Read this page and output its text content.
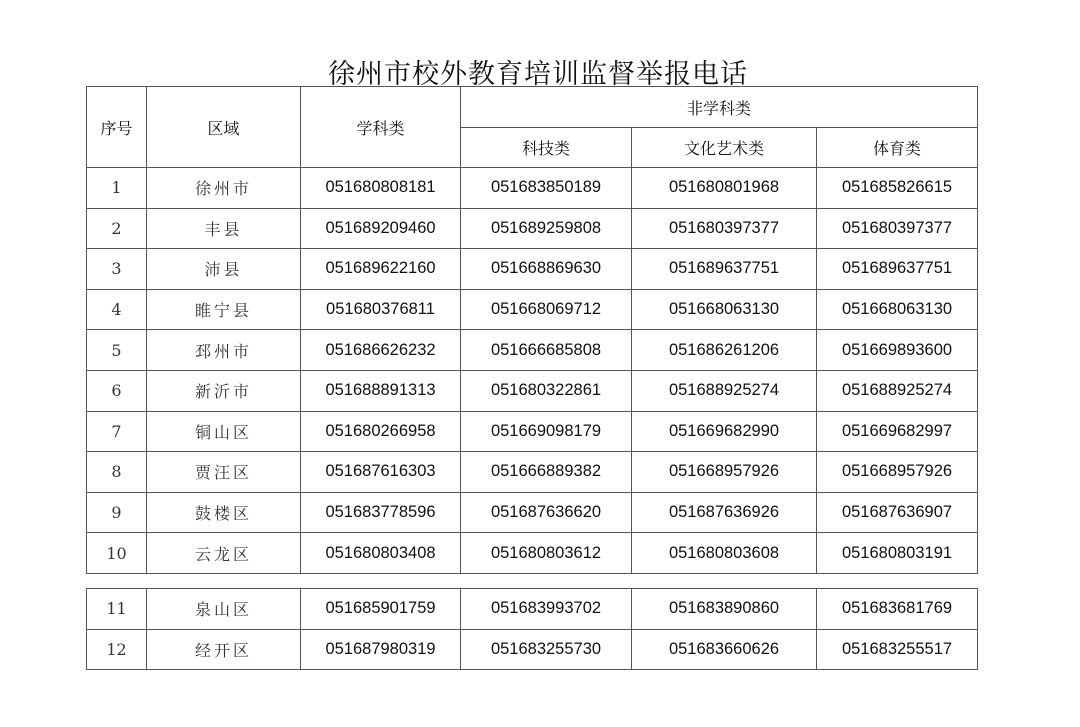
徐州市校外教育培训监督举报电话
序号	区域	学科类	非学科类		
			科技类	文化艺术类	体育类
1	徐州市	051680808181	051683850189	051680801968	051685826615
2	丰县	051689209460	051689259808	051680397377	051680397377
3	沛县	051689622160	051668869630	051689637751	051689637751
4	睢宁县	051680376811	051668069712	051668063130	051668063130
5	邳州市	051686626232	051666685808	051686261206	051669893600
6	新沂市	051688891313	051680322861	051688925274	051688925274
7	铜山区	051680266958	051669098179	051669682990	051669682997
8	贾汪区	051687616303	051666889382	051668957926	051668957926
9	鼓楼区	051683778596	051687636620	051687636926	051687636907
10	云龙区	051680803408	051680803612	051680803608	051680803191
11	泉山区	051685901759	051683993702	051683890860	051683681769
12	经开区	051687980319	051683255730	051683660626	051683255517
